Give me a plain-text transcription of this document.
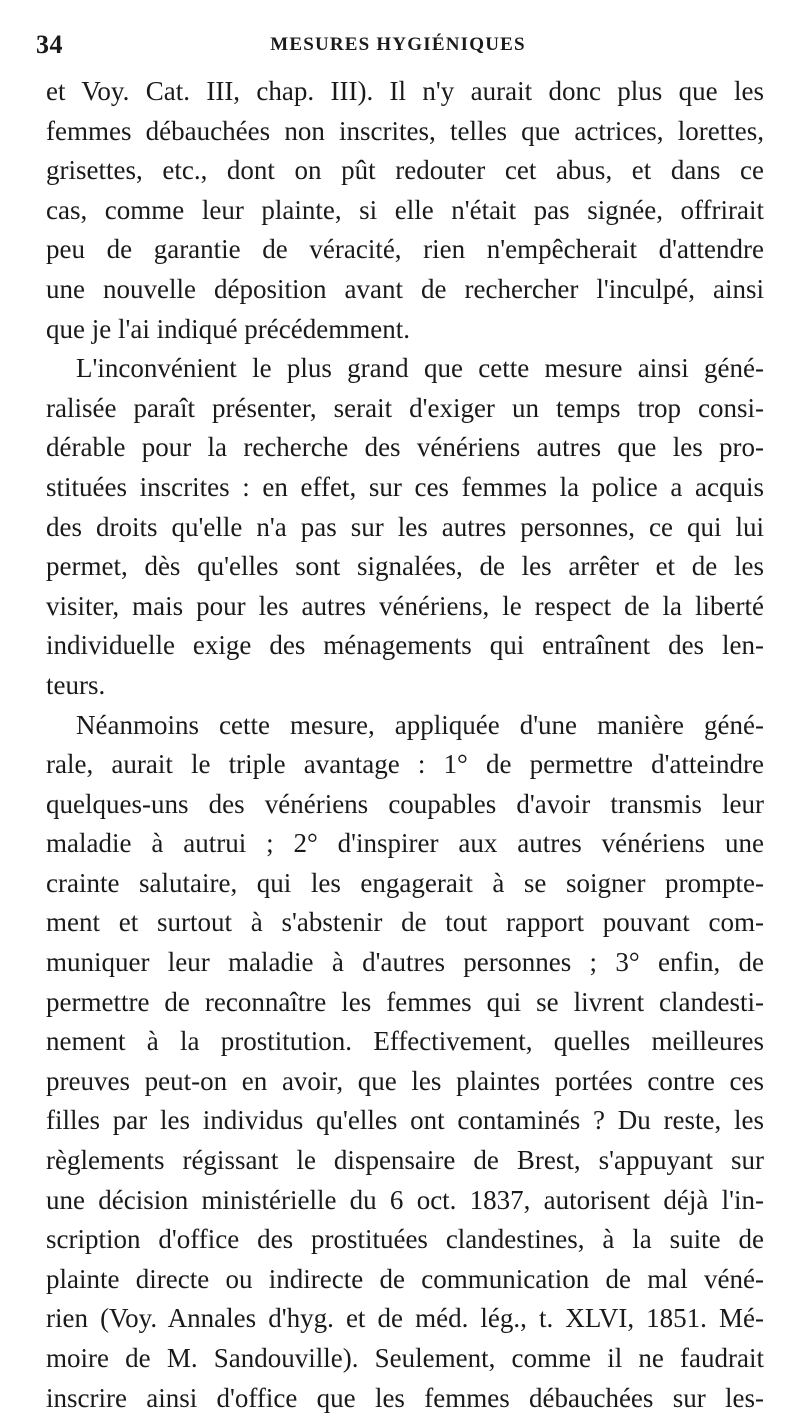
34	MESURES HYGIÉNIQUES
et Voy. Cat. III, chap. III). Il n'y aurait donc plus que les
femmes débauchées non inscrites, telles que actrices, lorettes,
grisettes, etc., dont on pût redouter cet abus, et dans ce
cas, comme leur plainte, si elle n'était pas signée, offrirait
peu de garantie de véracité, rien n'empêcherait d'attendre
une nouvelle déposition avant de rechercher l'inculpé, ainsi
que je l'ai indiqué précédemment.
L'inconvénient le plus grand que cette mesure ainsi géné-
ralisée paraît présenter, serait d'exiger un temps trop consi-
dérable pour la recherche des vénériens autres que les pro-
stituées inscrites : en effet, sur ces femmes la police a acquis
des droits qu'elle n'a pas sur les autres personnes, ce qui lui
permet, dès qu'elles sont signalées, de les arrêter et de les
visiter, mais pour les autres vénériens, le respect de la liberté
individuelle exige des ménagements qui entraînent des len-
teurs.
Néanmoins cette mesure, appliquée d'une manière géné-
rale, aurait le triple avantage : 1° de permettre d'atteindre
quelques-uns des vénériens coupables d'avoir transmis leur
maladie à autrui ; 2° d'inspirer aux autres vénériens une
crainte salutaire, qui les engagerait à se soigner prompte-
ment et surtout à s'abstenir de tout rapport pouvant com-
muniquer leur maladie à d'autres personnes ; 3° enfin, de
permettre de reconnaître les femmes qui se livrent clandesti-
nement à la prostitution. Effectivement, quelles meilleures
preuves peut-on en avoir, que les plaintes portées contre ces
filles par les individus qu'elles ont contaminés ? Du reste, les
règlements régissant le dispensaire de Brest, s'appuyant sur
une décision ministérielle du 6 oct. 1837, autorisent déjà l'in-
scription d'office des prostituées clandestines, à la suite de
plainte directe ou indirecte de communication de mal véné-
rien (Voy. Annales d'hyg. et de méd. lég., t. XLVI, 1851. Mé-
moire de M. Sandouville). Seulement, comme il ne faudrait
inscrire ainsi d'office que les femmes débauchées sur les-
